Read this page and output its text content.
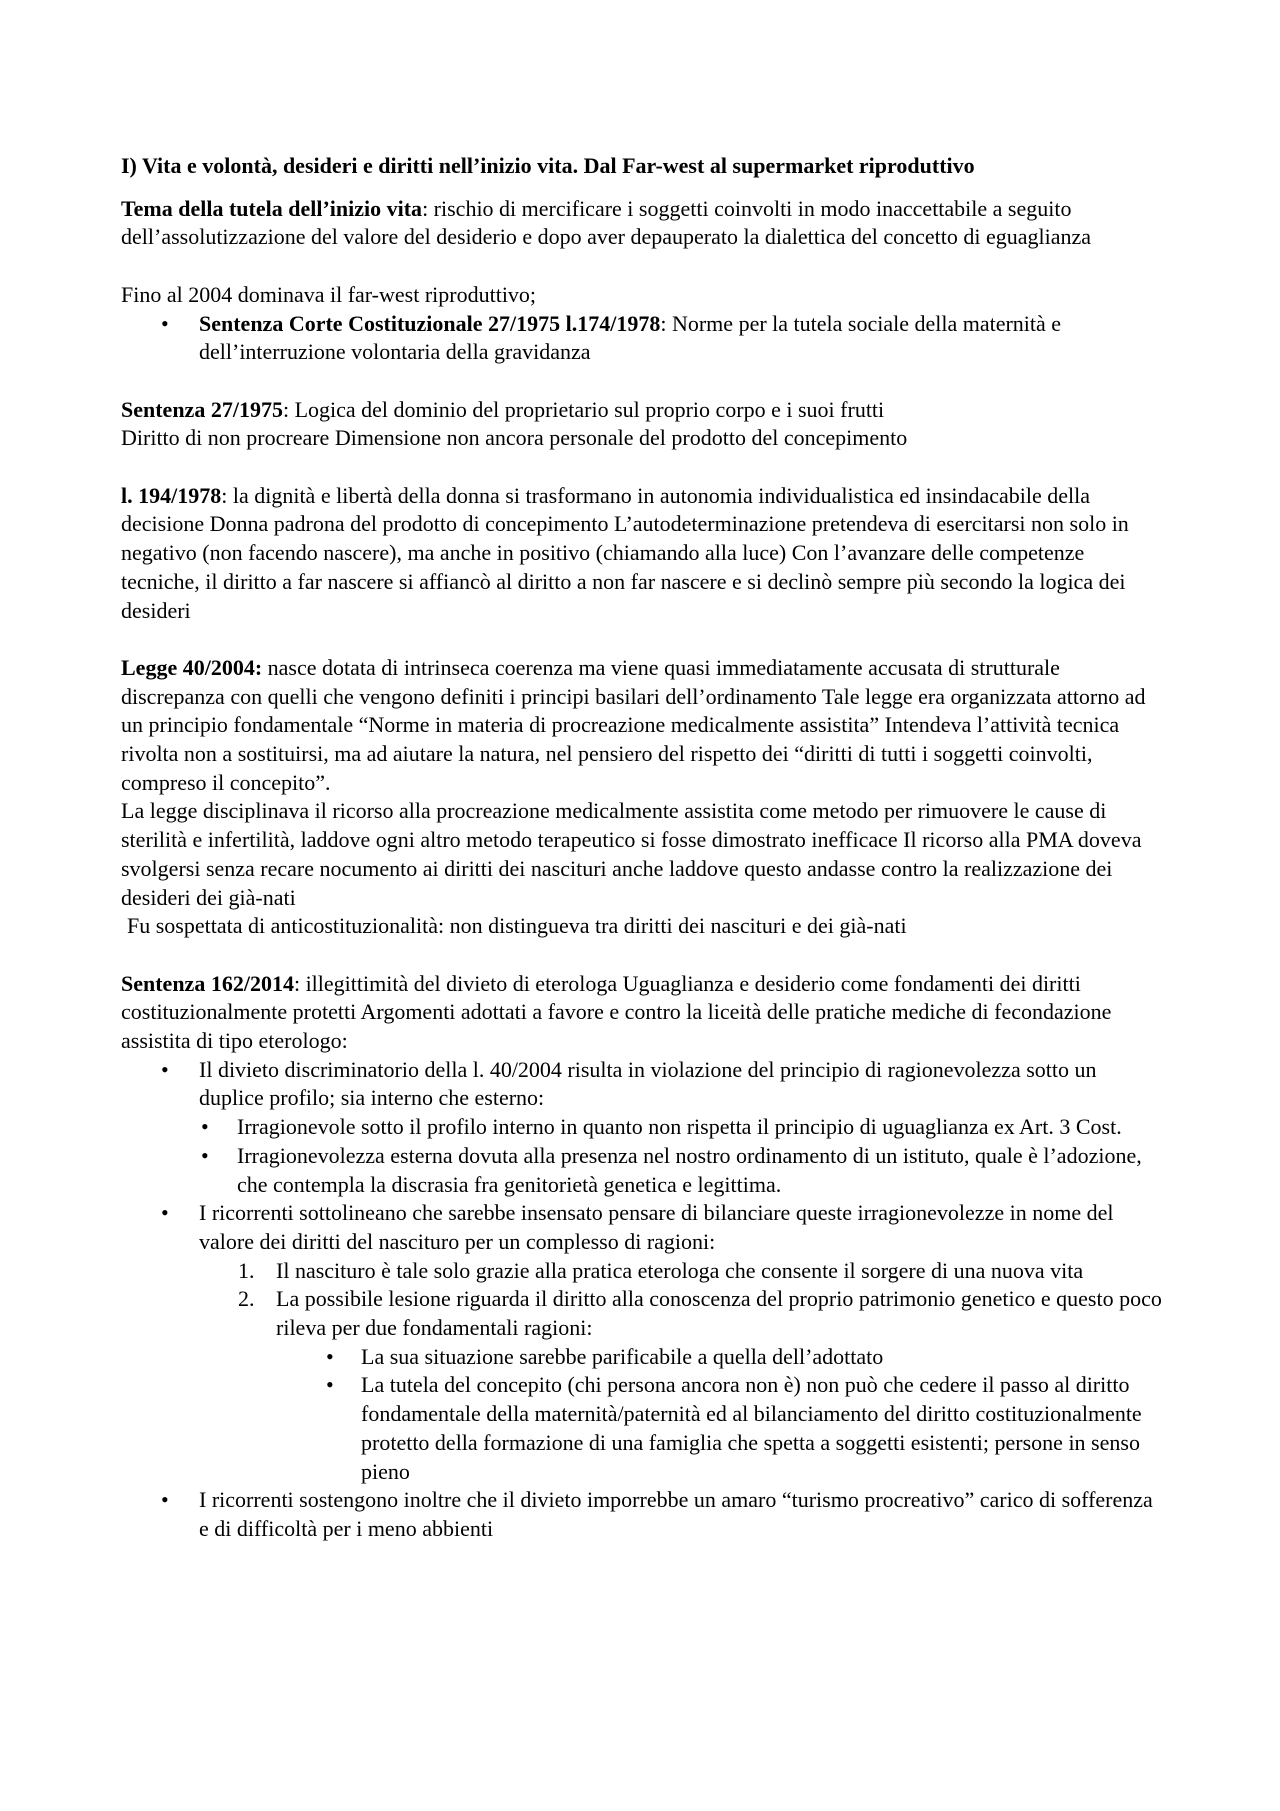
I) Vita e volontà, desideri e diritti nell’inizio vita. Dal Far-west al supermarket riproduttivo

Tema della tutela dell’inizio vita: rischio di mercificare i soggetti coinvolti in modo inaccettabile a seguito dell’assolutizzazione del valore del desiderio e dopo aver depauperato la dialettica del concetto di eguaglianza

Fino al 2004 dominava il far-west riproduttivo;

• Sentenza Corte Costituzionale 27/1975 l.174/1978: Norme per la tutela sociale della maternità e dell’interruzione volontaria della gravidanza

Sentenza 27/1975: Logica del dominio del proprietario sul proprio corpo e i suoi frutti

Diritto di non procreare Dimensione non ancora personale del prodotto del concepimento

l. 194/1978: la dignità e libertà della donna si trasformano in autonomia individualistica ed insindacabile della decisione Donna padrona del prodotto di concepimento L’autodeterminazione pretendeva di esercitarsi non solo in negativo (non facendo nascere), ma anche in positivo (chiamando alla luce) Con l’avanzare delle competenze tecniche, il diritto a far nascere si affiancò al diritto a non far nascere e si declinò sempre più secondo la logica dei desideri

Legge 40/2004: nasce dotata di intrinseca coerenza ma viene quasi immediatamente accusata di strutturale discrepanza con quelli che vengono definiti i principi basilari dell’ordinamento Tale legge era organizzata attorno ad un principio fondamentale “Norme in materia di procreazione medicalmente assistita” Intendeva l’attività tecnica rivolta non a sostituirsi, ma ad aiutare la natura, nel pensiero del rispetto dei “diritti di tutti i soggetti coinvolti, compreso il concepito”.

La legge disciplinava il ricorso alla procreazione medicalmente assistita come metodo per rimuovere le cause di sterilità e infertilità, laddove ogni altro metodo terapeutico si fosse dimostrato inefficace Il ricorso alla PMA doveva svolgersi senza recare nocumento ai diritti dei nascituri anche laddove questo andasse contro la realizzazione dei desideri dei già-nati

Fu sospettata di anticostituzionalità: non distingueva tra diritti dei nascituri e dei già-nati

Sentenza 162/2014: illegittimità del divieto di eterologa Uguaglianza e desiderio come fondamenti dei diritti costituzionalmente protetti Argomenti adottati a favore e contro la liceità delle pratiche mediche di fecondazione assistita di tipo eterologo:

• Il divieto discriminatorio della l. 40/2004 risulta in violazione del principio di ragionevolezza sotto un duplice profilo; sia interno che esterno:
• Irragionevole sotto il profilo interno in quanto non rispetta il principio di uguaglianza ex Art. 3 Cost.
• Irragionevolezza esterna dovuta alla presenza nel nostro ordinamento di un istituto, quale è l’adozione, che contempla la discrasia fra genitorietà genetica e legittima.
• I ricorrenti sottolineano che sarebbe insensato pensare di bilanciare queste irragionevolezze in nome del valore dei diritti del nascituro per un complesso di ragioni:
1. Il nascituro è tale solo grazie alla pratica eterologa che consente il sorgere di una nuova vita
2. La possibile lesione riguarda il diritto alla conoscenza del proprio patrimonio genetico e questo poco rileva per due fondamentali ragioni:
• La sua situazione sarebbe parificabile a quella dell’adottato
• La tutela del concepito (chi persona ancora non è) non può che cedere il passo al diritto fondamentale della maternità/paternità ed al bilanciamento del diritto costituzionalmente protetto della formazione di una famiglia che spetta a soggetti esistenti; persone in senso pieno
• I ricorrenti sostengono inoltre che il divieto imporrebbe un amaro “turismo procreativo” carico di sofferenza e di difficoltà per i meno abbienti
